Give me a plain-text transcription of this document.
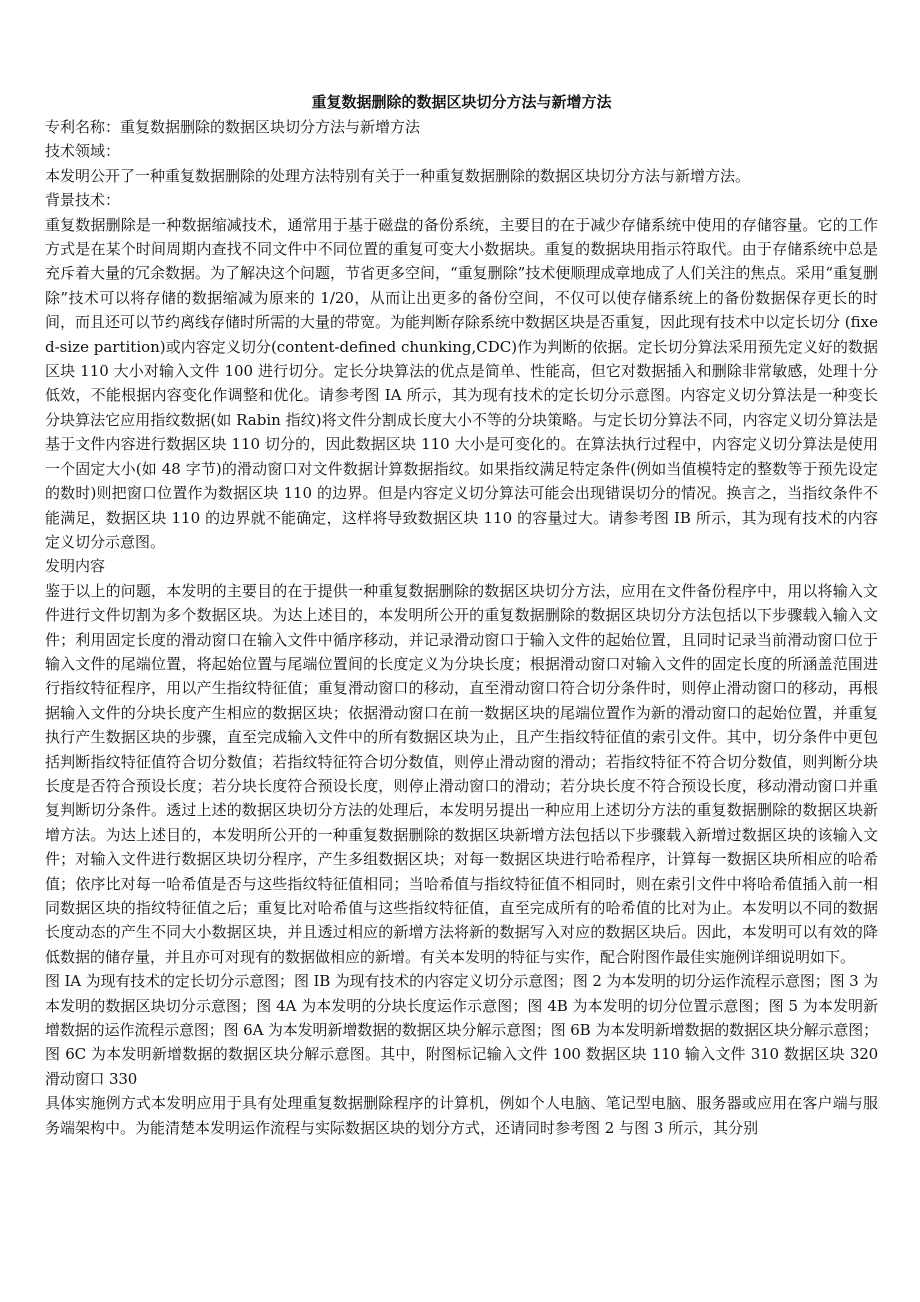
重复数据删除的数据区块切分方法与新增方法

专利名称：重复数据删除的数据区块切分方法与新增方法

技术领域：

本发明公开了一种重复数据删除的处理方法特别有关于一种重复数据删除的数据区块切分方法与新增方法。

背景技术：

重复数据删除是一种数据缩减技术，通常用于基于磁盘的备份系统，主要目的在于减少存储系统中使用的存储容量。它的工作方式是在某个时间周期内查找不同文件中不同位置的重复可变大小数据块。重复的数据块用指示符取代。由于存储系统中总是充斥着大量的冗余数据。为了解决这个问题，节省更多空间，“重复删除”技术便顺理成章地成了人们关注的焦点。采用“重复删除”技术可以将存储的数据缩减为原来的 1/20，从而让出更多的备份空间，不仅可以使存储系统上的备份数据保存更长的时间，而且还可以节约离线存储时所需的大量的带宽。为能判断存除系统中数据区块是否重复，因此现有技术中以定长切分 (fixed-size partition)或内容定义切分(content-defined chunking,CDC)作为判断的依据。定长切分算法采用预先定义好的数据区块 110 大小对输入文件 100 进行切分。定长分块算法的优点是简单、性能高，但它对数据插入和删除非常敏感，处理十分低效，不能根据内容变化作调整和优化。请参考图 IA 所示，其为现有技术的定长切分示意图。内容定义切分算法是一种变长分块算法它应用指纹数据(如 Rabin 指纹)将文件分割成长度大小不等的分块策略。与定长切分算法不同，内容定义切分算法是基于文件内容进行数据区块 110 切分的，因此数据区块 110 大小是可变化的。在算法执行过程中，内容定义切分算法是使用一个固定大小(如 48 字节)的滑动窗口对文件数据计算数据指纹。如果指纹满足特定条件(例如当值模特定的整数等于预先设定的数时)则把窗口位置作为数据区块 110 的边界。但是内容定义切分算法可能会出现错误切分的情况。换言之，当指纹条件不能满足，数据区块 110 的边界就不能确定，这样将导致数据区块 110 的容量过大。请参考图 IB 所示，其为现有技术的内容定义切分示意图。

发明内容

鉴于以上的问题，本发明的主要目的在于提供一种重复数据删除的数据区块切分方法，应用在文件备份程序中，用以将输入文件进行文件切割为多个数据区块。为达上述目的，本发明所公开的重复数据删除的数据区块切分方法包括以下步骤载入输入文件；利用固定长度的滑动窗口在输入文件中循序移动，并记录滑动窗口于输入文件的起始位置，且同时记录当前滑动窗口位于输入文件的尾端位置，将起始位置与尾端位置间的长度定义为分块长度；根据滑动窗口对输入文件的固定长度的所涵盖范围进行指纹特征程序，用以产生指纹特征值；重复滑动窗口的移动，直至滑动窗口符合切分条件时，则停止滑动窗口的移动，再根据输入文件的分块长度产生相应的数据区块；依据滑动窗口在前一数据区块的尾端位置作为新的滑动窗口的起始位置，并重复执行产生数据区块的步骤，直至完成输入文件中的所有数据区块为止，且产生指纹特征值的索引文件。其中，切分条件中更包括判断指纹特征值符合切分数值；若指纹特征符合切分数值，则停止滑动窗的滑动；若指纹特征不符合切分数值，则判断分块长度是否符合预设长度；若分块长度符合预设长度，则停止滑动窗口的滑动；若分块长度不符合预设长度，移动滑动窗口并重复判断切分条件。透过上述的数据区块切分方法的处理后，本发明另提出一种应用上述切分方法的重复数据删除的数据区块新增方法。为达上述目的，本发明所公开的一种重复数据删除的数据区块新增方法包括以下步骤载入新增过数据区块的该输入文件；对输入文件进行数据区块切分程序，产生多组数据区块；对每一数据区块进行哈希程序，计算每一数据区块所相应的哈希值；依序比对每一哈希值是否与这些指纹特征值相同；当哈希值与指纹特征值不相同时，则在索引文件中将哈希值插入前一相同数据区块的指纹特征值之后；重复比对哈希值与这些指纹特征值，直至完成所有的哈希值的比对为止。本发明以不同的数据长度动态的产生不同大小数据区块，并且透过相应的新增方法将新的数据写入对应的数据区块后。因此，本发明可以有效的降低数据的储存量，并且亦可对现有的数据做相应的新增。有关本发明的特征与实作，配合附图作最佳实施例详细说明如下。

图 IA 为现有技术的定长切分示意图；图 IB 为现有技术的内容定义切分示意图；图 2 为本发明的切分运作流程示意图；图 3 为本发明的数据区块切分示意图；图 4A 为本发明的分块长度运作示意图；图 4B 为本发明的切分位置示意图；图 5 为本发明新增数据的运作流程示意图；图 6A 为本发明新增数据的数据区块分解示意图；图 6B 为本发明新增数据的数据区块分解示意图；图 6C 为本发明新增数据的数据区块分解示意图。其中，附图标记输入文件 100 数据区块 110 输入文件 310 数据区块 320 滑动窗口 330

具体实施例方式本发明应用于具有处理重复数据删除程序的计算机，例如个人电脑、笔记型电脑、服务器或应用在客户端与服务端架构中。为能清楚本发明运作流程与实际数据区块的划分方式，还请同时参考图 2 与图 3 所示，其分别
